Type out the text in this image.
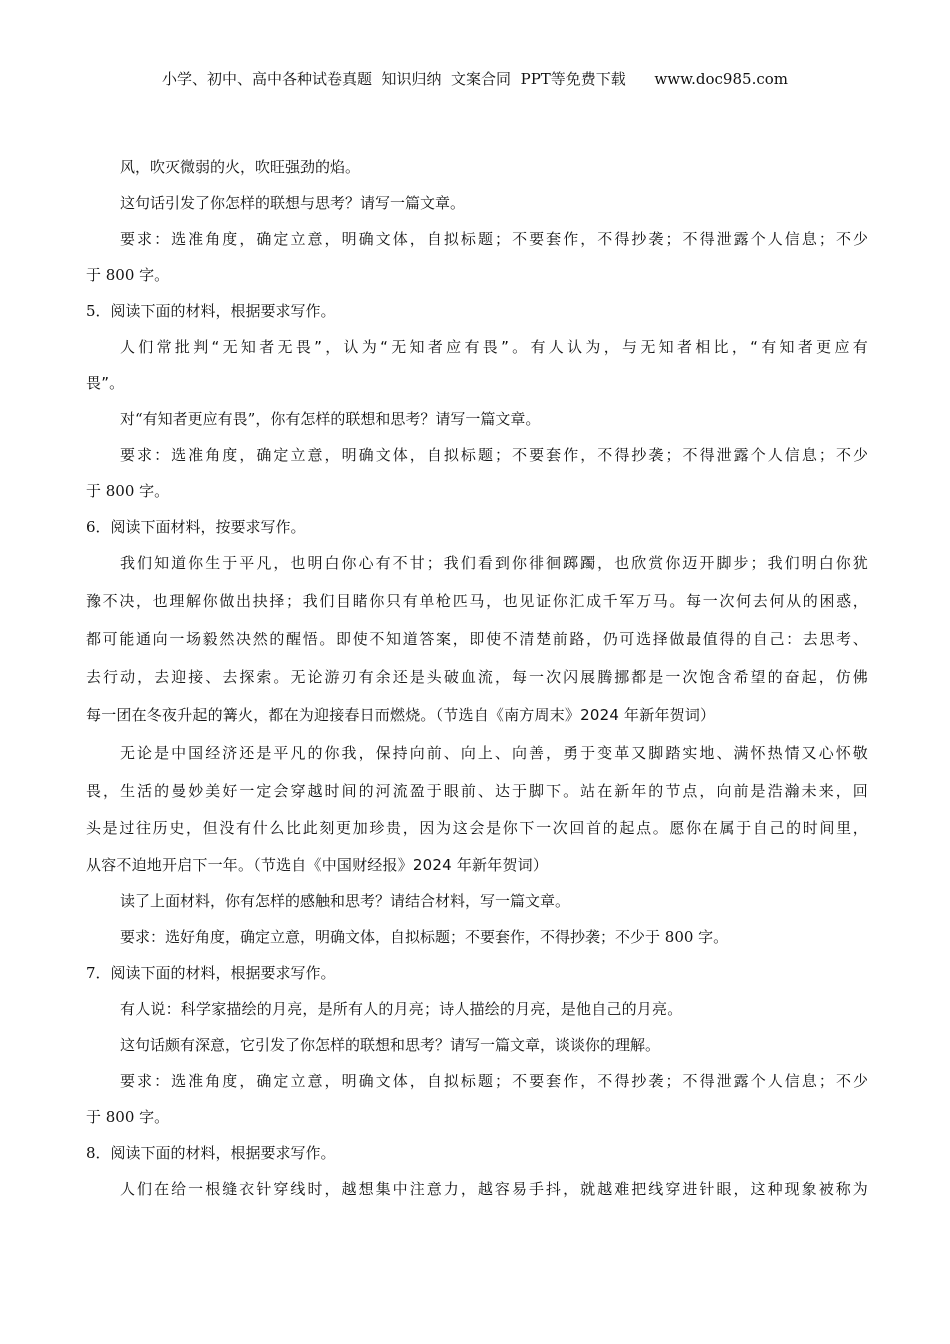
小学、初中、高中各种试卷真题  知识归纳  文案合同  PPT等免费下载      www.doc985.com
风，吹灭微弱的火，吹旺强劲的焰。
这句话引发了你怎样的联想与思考？请写一篇文章。
要求：选准角度，确定立意，明确文体，自拟标题；不要套作，不得抄袭；不得泄露个人信息；不少
于 800 字。
5．阅读下面的材料，根据要求写作。
人们常批判“无知者无畏”，认为“无知者应有畏”。有人认为，与无知者相比，“有知者更应有
畏”。
对“有知者更应有畏”，你有怎样的联想和思考？请写一篇文章。
要求：选准角度，确定立意，明确文体，自拟标题；不要套作，不得抄袭；不得泄露个人信息；不少
于 800 字。
6．阅读下面材料，按要求写作。
我们知道你生于平凡，也明白你心有不甘；我们看到你徘徊踯躅，也欣赏你迈开脚步；我们明白你犹
豫不决，也理解你做出抉择；我们目睹你只有单枪匹马，也见证你汇成千军万马。每一次何去何从的困惑，
都可能通向一场毅然决然的醒悟。即使不知道答案，即使不清楚前路，仍可选择做最值得的自己：去思考、
去行动，去迎接、去探索。无论游刃有余还是头破血流，每一次闪展腾挪都是一次饱含希望的奋起，仿佛
每一团在冬夜升起的篝火，都在为迎接春日而燃烧。（节选自《南方周末》2024 年新年贺词）
无论是中国经济还是平凡的你我，保持向前、向上、向善，勇于变革又脚踏实地、满怀热情又心怀敬
畏，生活的曼妙美好一定会穿越时间的河流盈于眼前、达于脚下。站在新年的节点，向前是浩瀚未来，回
头是过往历史，但没有什么比此刻更加珍贵，因为这会是你下一次回首的起点。愿你在属于自己的时间里，
从容不迫地开启下一年。（节选自《中国财经报》2024 年新年贺词）
读了上面材料，你有怎样的感触和思考？请结合材料，写一篇文章。
要求：选好角度，确定立意，明确文体，自拟标题；不要套作，不得抄袭；不少于 800 字。
7．阅读下面的材料，根据要求写作。
有人说：科学家描绘的月亮，是所有人的月亮；诗人描绘的月亮，是他自己的月亮。
这句话颇有深意，它引发了你怎样的联想和思考？请写一篇文章，谈谈你的理解。
要求：选准角度，确定立意，明确文体，自拟标题；不要套作，不得抄袭；不得泄露个人信息；不少
于 800 字。
8．阅读下面的材料，根据要求写作。
人们在给一根缝衣针穿线时，越想集中注意力，越容易手抖，就越难把线穿进针眼，这种现象被称为
